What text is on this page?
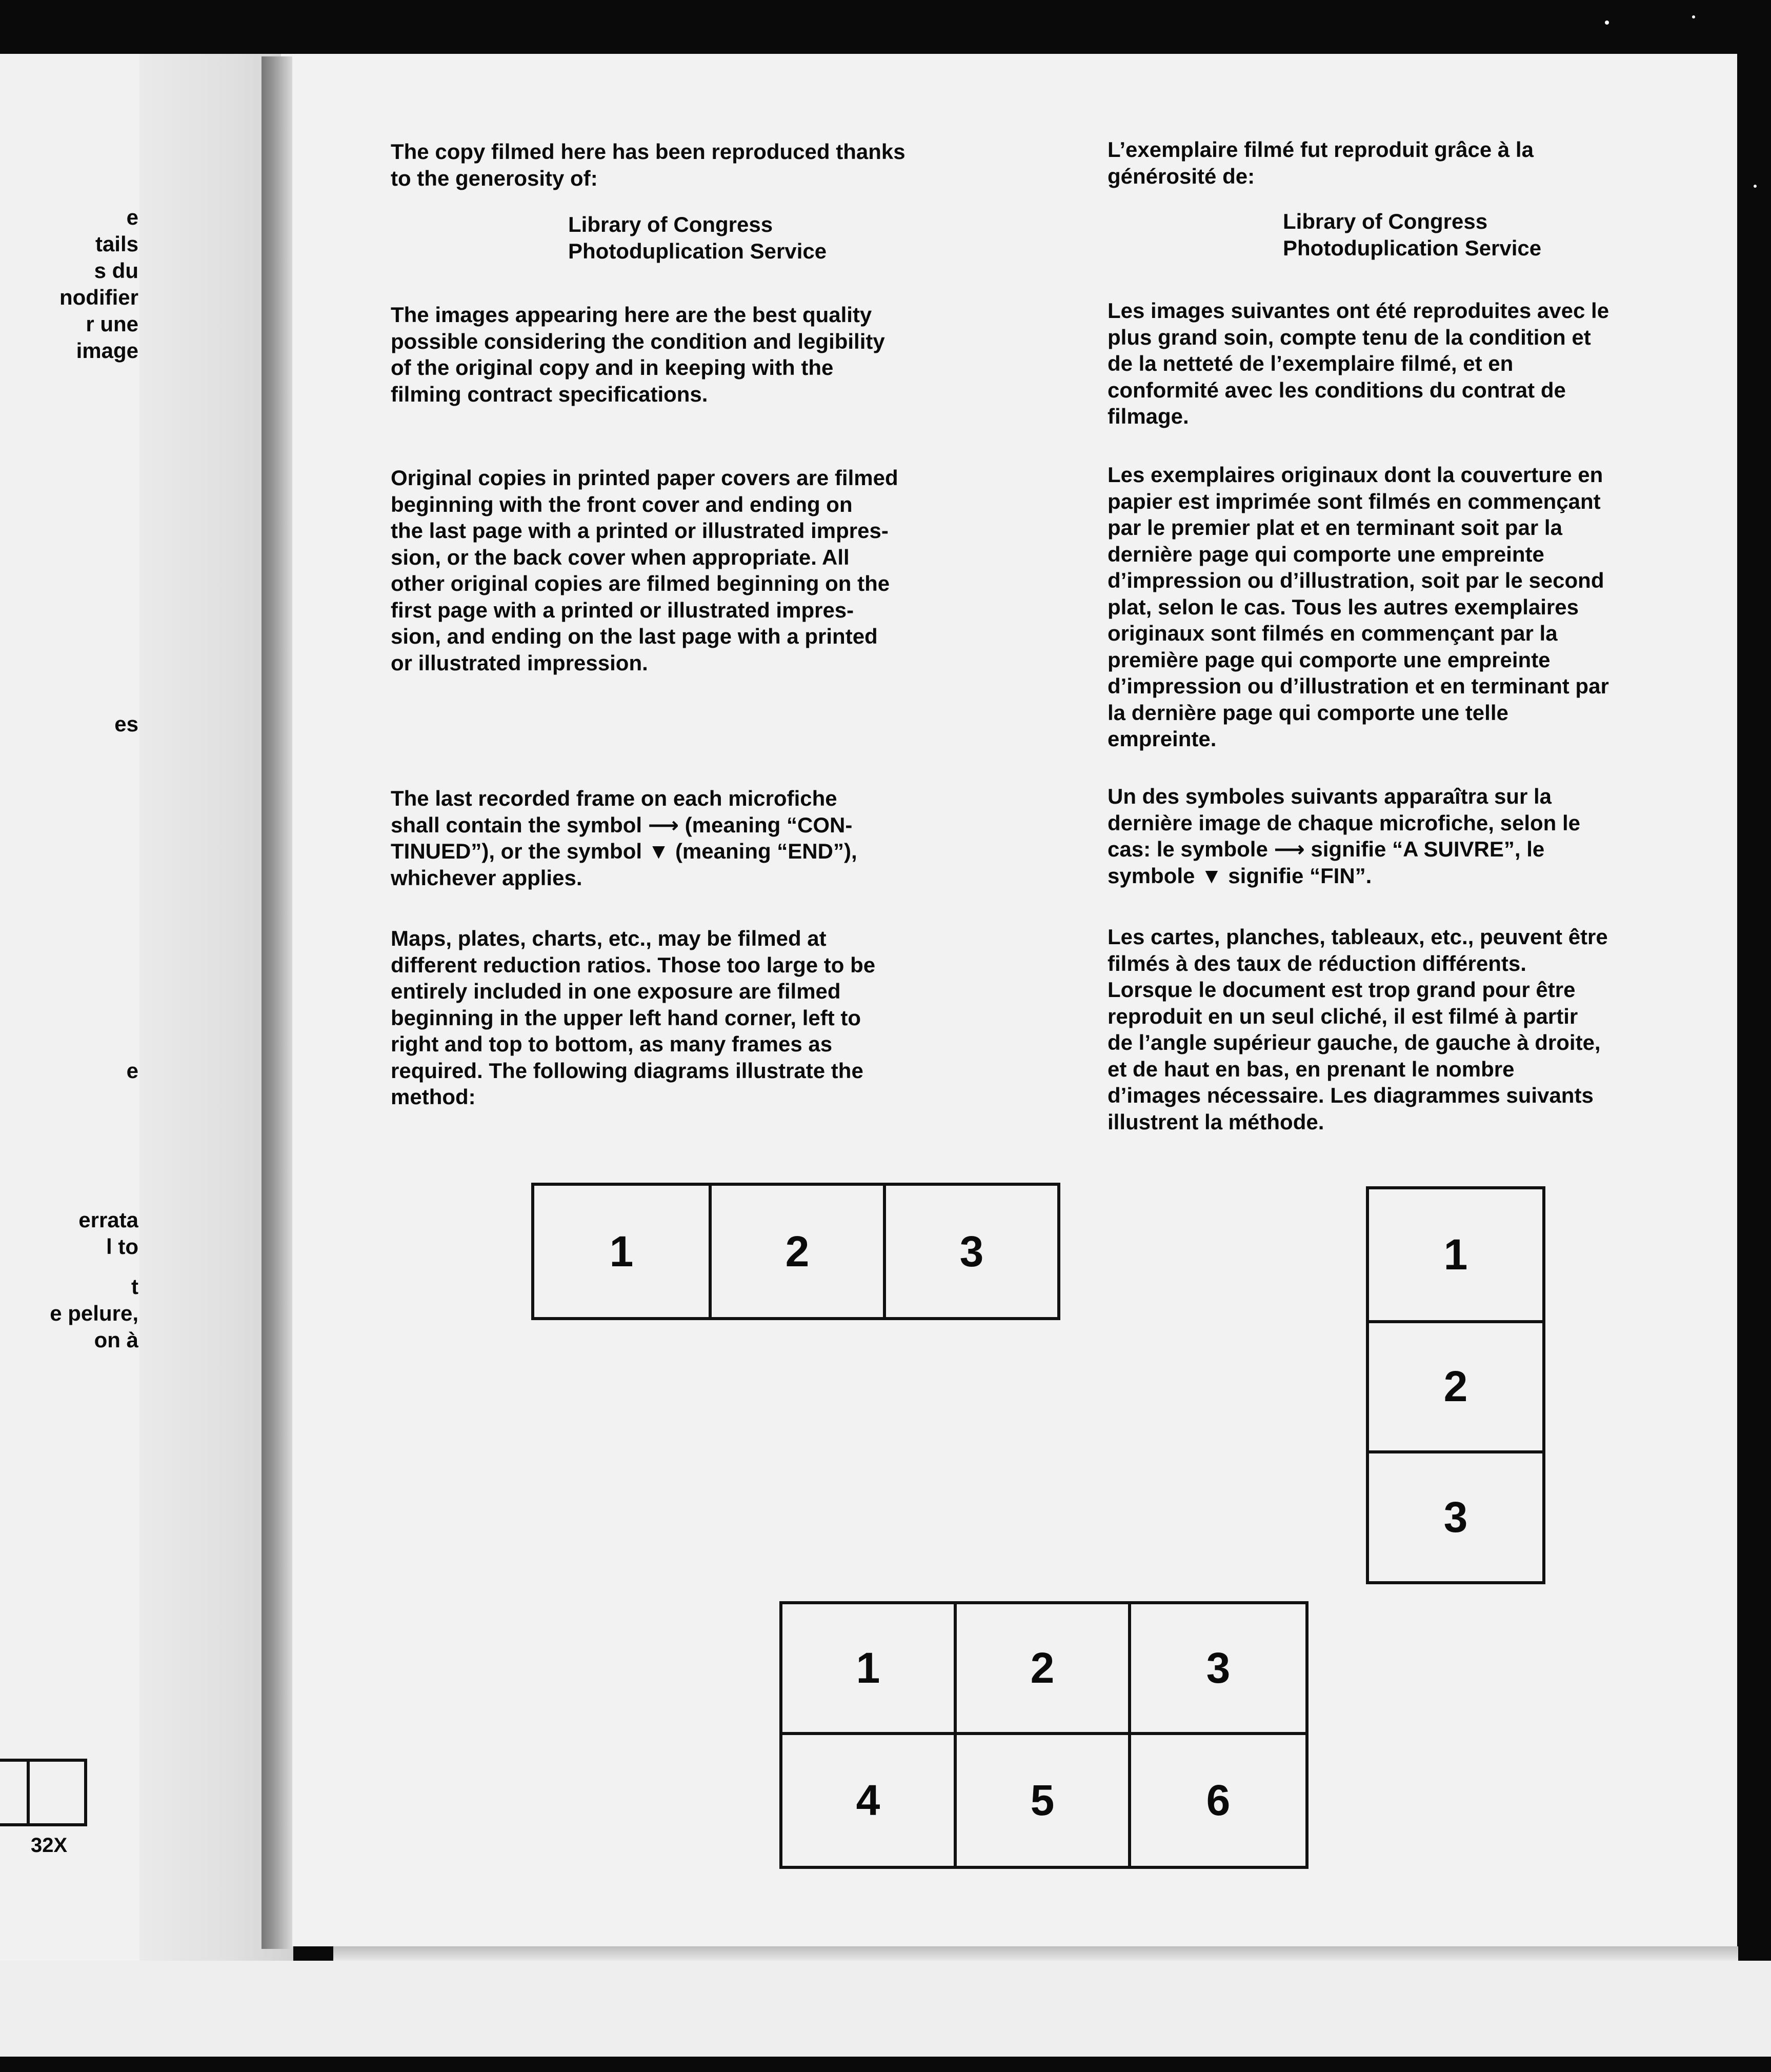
e
tails
s du
nodifier
r une
image
es
e
errata
l to
t
e pelure,
on à
32X
The copy filmed here has been reproduced thanks
to the generosity of:
Library of Congress
Photoduplication Service
The images appearing here are the best quality
possible considering the condition and legibility
of the original copy and in keeping with the
filming contract specifications.
Original copies in printed paper covers are filmed
beginning with the front cover and ending on
the last page with a printed or illustrated impres-
sion, or the back cover when appropriate. All
other original copies are filmed beginning on the
first page with a printed or illustrated impres-
sion, and ending on the last page with a printed
or illustrated impression.
The last recorded frame on each microfiche
shall contain the symbol ⟶ (meaning “CON-
TINUED”), or the symbol ▼ (meaning “END”),
whichever applies.
Maps, plates, charts, etc., may be filmed at
different reduction ratios. Those too large to be
entirely included in one exposure are filmed
beginning in the upper left hand corner, left to
right and top to bottom, as many frames as
required. The following diagrams illustrate the
method:
L’exemplaire filmé fut reproduit grâce à la
générosité de:
Library of Congress
Photoduplication Service
Les images suivantes ont été reproduites avec le
plus grand soin, compte tenu de la condition et
de la netteté de l’exemplaire filmé, et en
conformité avec les conditions du contrat de
filmage.
Les exemplaires originaux dont la couverture en
papier est imprimée sont filmés en commençant
par le premier plat et en terminant soit par la
dernière page qui comporte une empreinte
d’impression ou d’illustration, soit par le second
plat, selon le cas. Tous les autres exemplaires
originaux sont filmés en commençant par la
première page qui comporte une empreinte
d’impression ou d’illustration et en terminant par
la dernière page qui comporte une telle
empreinte.
Un des symboles suivants apparaîtra sur la
dernière image de chaque microfiche, selon le
cas: le symbole ⟶ signifie “A SUIVRE”, le
symbole ▼ signifie “FIN”.
Les cartes, planches, tableaux, etc., peuvent être
filmés à des taux de réduction différents.
Lorsque le document est trop grand pour être
reproduit en un seul cliché, il est filmé à partir
de l’angle supérieur gauche, de gauche à droite,
et de haut en bas, en prenant le nombre
d’images nécessaire. Les diagrammes suivants
illustrent la méthode.
1	2	3	1
2
3
1	2	3
4	5	6
